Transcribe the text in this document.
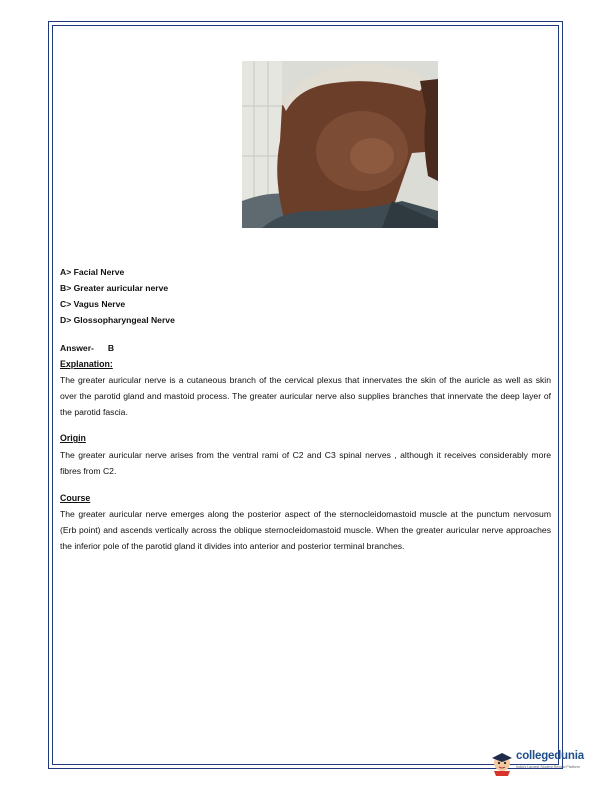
A> Facial Nerve
B> Greater auricular nerve
C> Vagus Nerve
D> Glossopharyngeal Nerve
Answer- B
Explanation:

The greater auricular nerve is a cutaneous branch of the cervical plexus that innervates the skin of the auricle as well as skin over the parotid gland and mastoid process. The greater auricular nerve also supplies branches that innervate the deep layer of the parotid fascia.

Origin

The greater auricular nerve arises from the ventral rami of C2 and C3 spinal nerves , although it receives considerably more fibres from C2.

Course

The greater auricular nerve emerges along the posterior aspect of the sternocleidomastoid muscle at the punctum nervosum (Erb point) and ascends vertically across the oblique sternocleidomastoid muscle. When the greater auricular nerve approaches the inferior pole of the parotid gland it divides into anterior and posterior terminal branches.

collegedunia
India's Largest Student Review Platform
